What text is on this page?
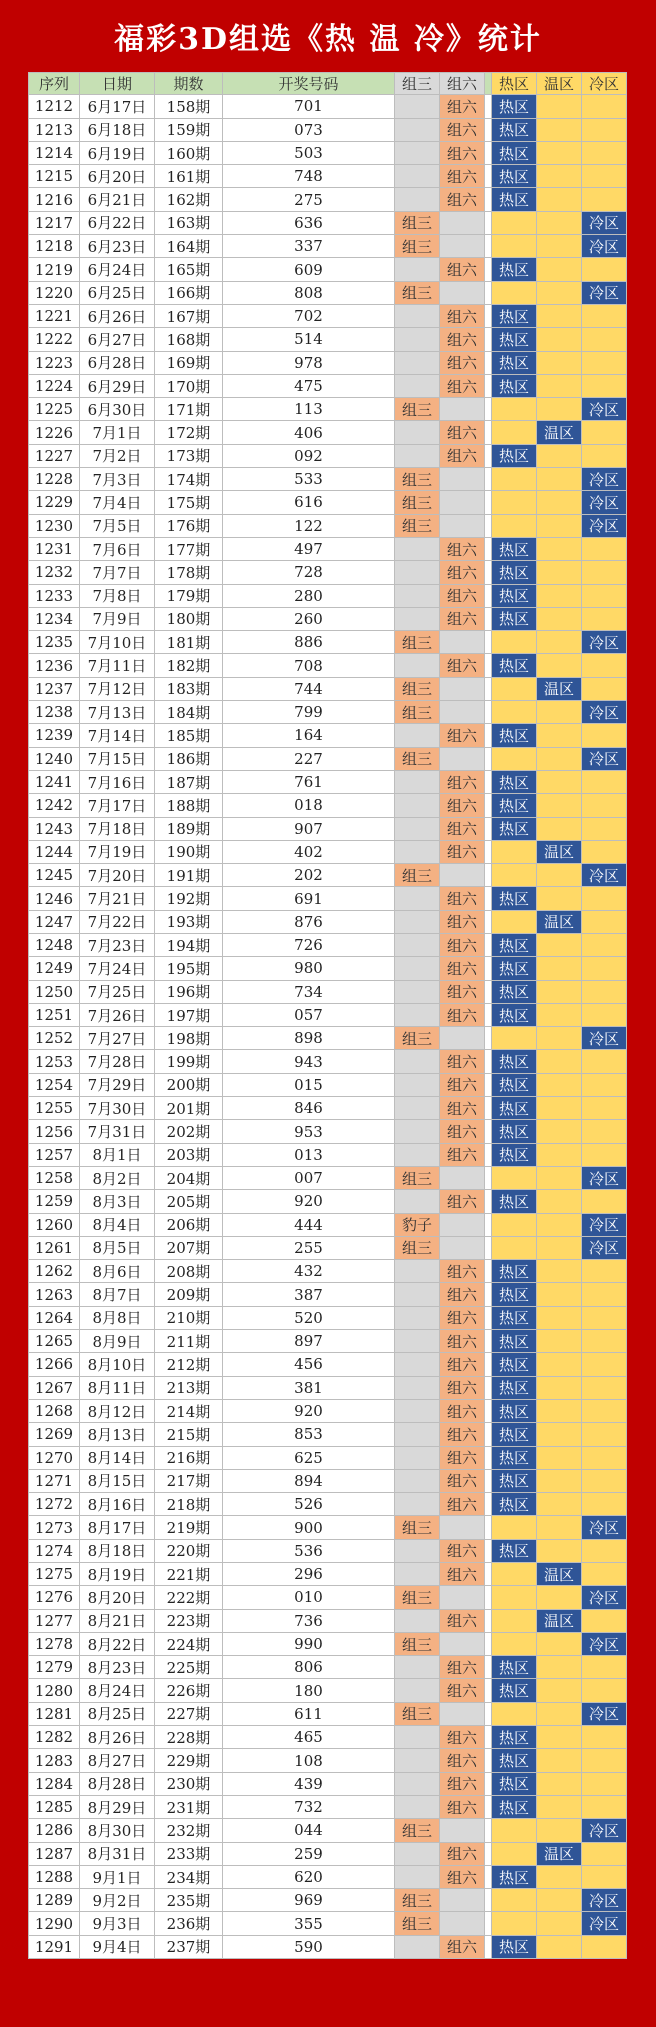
福彩3D组选《热 温 冷》统计
序列	日期	期数	开奖号码	组三 组六	热区 温区 冷区
1212 6月17日	158期	701	组六	热区
1213 6月18日	159期	073	组六	热区
1214 6月19日	160期	503	组六	热区
1215 6月20日	161期	748	组六	热区
1216 6月21日	162期	275	组六	热区
1217 6月22日	163期	636	组三	冷区
1218 6月23日	164期	337	组三	冷区
1219 6月24日	165期	609	组六	热区
1220 6月25日	166期	808	组三	冷区
1221 6月26日	167期	702	组六	热区
1222 6月27日	168期	514	组六	热区
1223 6月28日	169期	978	组六	热区
1224 6月29日	170期	475	组六	热区
1225 6月30日	171期	113	组三	冷区
1226	7月1日	172期	406	组六	温区
1227	7月2日	173期	092	组六	热区
1228	7月3日	174期	533	组三	冷区
1229	7月4日	175期	616	组三	冷区
1230	7月5日	176期	122	组三	冷区
1231	7月6日	177期	497	组六	热区
1232	7月7日	178期	728	组六	热区
1233	7月8日	179期	280	组六	热区
1234	7月9日	180期	260	组六	热区
1235 7月10日	181期	886	组三	冷区
1236 7月11日	182期	708	组六	热区
1237 7月12日	183期	744	组三	温区
1238 7月13日	184期	799	组三	冷区
1239 7月14日	185期	164	组六	热区
1240 7月15日	186期	227	组三	冷区
1241 7月16日	187期	761	组六	热区
1242 7月17日	188期	018	组六	热区
1243 7月18日	189期	907	组六	热区
1244 7月19日	190期	402	组六	温区
1245 7月20日	191期	202	组三	冷区
1246 7月21日	192期	691	组六	热区
1247 7月22日	193期	876	组六	温区
1248 7月23日	194期	726	组六	热区
1249 7月24日	195期	980	组六	热区
1250 7月25日	196期	734	组六	热区
1251 7月26日	197期	057	组六	热区
1252 7月27日	198期	898	组三	冷区
1253 7月28日	199期	943	组六	热区
1254 7月29日	200期	015	组六	热区
1255 7月30日	201期	846	组六	热区
1256 7月31日	202期	953	组六	热区
1257	8月1日	203期	013	组六	热区
1258	8月2日	204期	007	组三	冷区
1259	8月3日	205期	920	组六	热区
1260	8月4日	206期	444	豹子	冷区
1261	8月5日	207期	255	组三	冷区
1262	8月6日	208期	432	组六	热区
1263	8月7日	209期	387	组六	热区
1264	8月8日	210期	520	组六	热区
1265	8月9日	211期	897	组六	热区
1266 8月10日	212期	456	组六	热区
1267 8月11日	213期	381	组六	热区
1268 8月12日	214期	920	组六	热区
1269 8月13日	215期	853	组六	热区
1270 8月14日	216期	625	组六	热区
1271 8月15日	217期	894	组六	热区
1272 8月16日	218期	526	组六	热区
1273 8月17日	219期	900	组三	冷区
1274 8月18日	220期	536	组六	热区
1275 8月19日	221期	296	组六	温区
1276 8月20日	222期	010	组三	冷区
1277 8月21日	223期	736	组六	温区
1278 8月22日	224期	990	组三	冷区
1279 8月23日	225期	806	组六	热区
1280 8月24日	226期	180	组六	热区
1281 8月25日	227期	611	组三	冷区
1282 8月26日	228期	465	组六	热区
1283 8月27日	229期	108	组六	热区
1284 8月28日	230期	439	组六	热区
1285 8月29日	231期	732	组六	热区
1286 8月30日	232期	044	组三	冷区
1287 8月31日	233期	259	组六	温区
1288	9月1日	234期	620	组六	热区
1289	9月2日	235期	969	组三	冷区
1290	9月3日	236期	355	组三	冷区
1291	9月4日	237期	590	组六	热区
